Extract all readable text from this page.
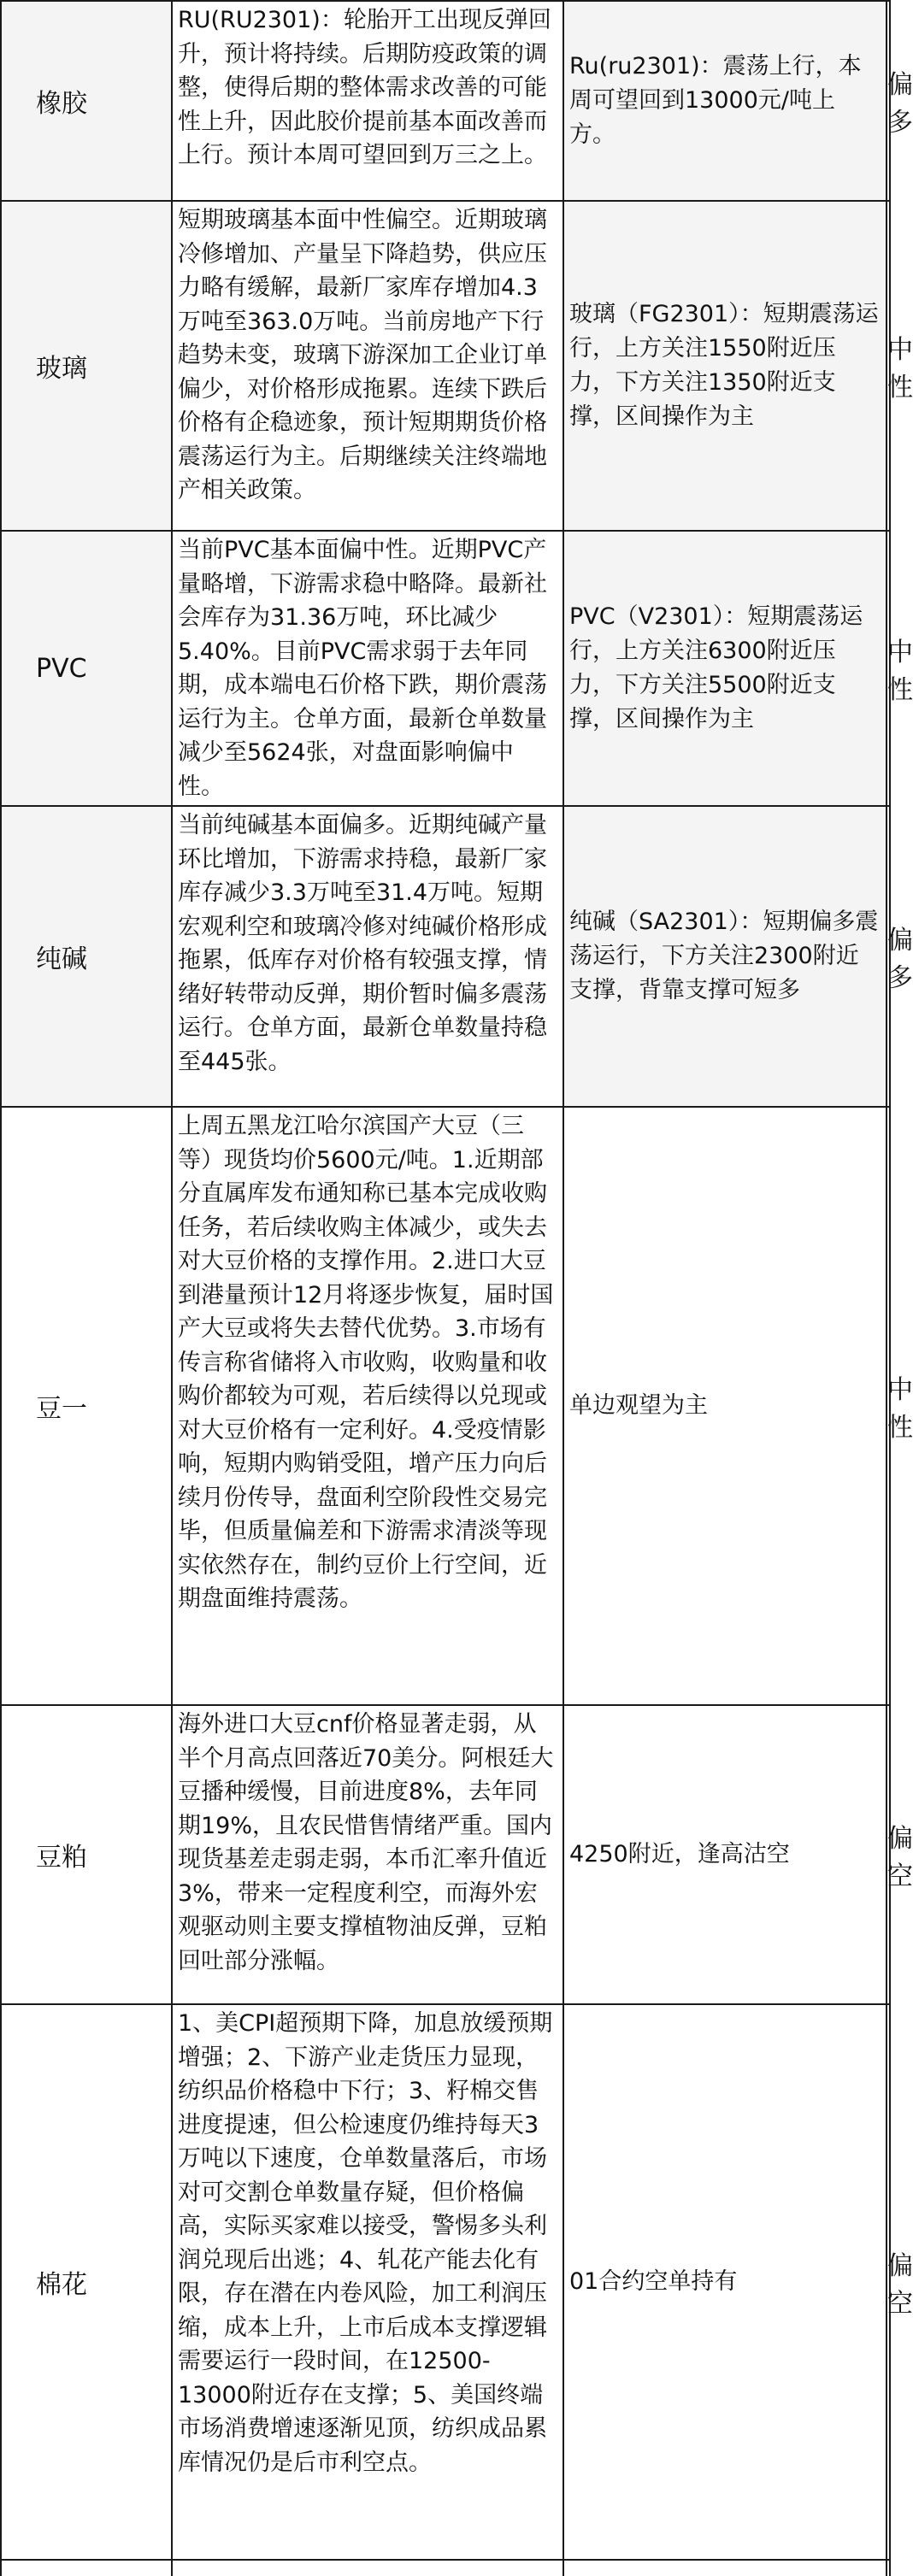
橡胶	RU(RU2301)：轮胎开工出现反弹回升，预计将持续。后期防疫政策的调整，使得后期的整体需求改善的可能性上升，因此胶价提前基本面改善而上行。预计本周可望回到万三之上。	Ru(ru2301)：震荡上行，本周可望回到13000元/吨上方。	偏多
玻璃	短期玻璃基本面中性偏空。近期玻璃冷修增加、产量呈下降趋势，供应压力略有缓解，最新厂家库存增加4.3万吨至363.0万吨。当前房地产下行趋势未变，玻璃下游深加工企业订单偏少，对价格形成拖累。连续下跌后价格有企稳迹象，预计短期期货价格震荡运行为主。后期继续关注终端地产相关政策。	玻璃（FG2301）：短期震荡运行，上方关注1550附近压力，下方关注1350附近支撑，区间操作为主	中性
PVC	当前PVC基本面偏中性。近期PVC产量略增，下游需求稳中略降。最新社会库存为31.36万吨，环比减少5.40%。目前PVC需求弱于去年同期，成本端电石价格下跌，期价震荡运行为主。仓单方面，最新仓单数量减少至5624张，对盘面影响偏中性。	PVC（V2301）：短期震荡运行，上方关注6300附近压力，下方关注5500附近支撑，区间操作为主	中性
纯碱	当前纯碱基本面偏多。近期纯碱产量环比增加，下游需求持稳，最新厂家库存减少3.3万吨至31.4万吨。短期宏观利空和玻璃冷修对纯碱价格形成拖累，低库存对价格有较强支撑，情绪好转带动反弹，期价暂时偏多震荡运行。仓单方面，最新仓单数量持稳至445张。	纯碱（SA2301）：短期偏多震荡运行，下方关注2300附近支撑，背靠支撑可短多	偏多
豆一	上周五黑龙江哈尔滨国产大豆（三等）现货均价5600元/吨。1.近期部分直属库发布通知称已基本完成收购任务，若后续收购主体减少，或失去对大豆价格的支撑作用。2.进口大豆到港量预计12月将逐步恢复，届时国产大豆或将失去替代优势。3.市场有传言称省储将入市收购，收购量和收购价都较为可观，若后续得以兑现或对大豆价格有一定利好。4.受疫情影响，短期内购销受阻，增产压力向后续月份传导，盘面利空阶段性交易完毕，但质量偏差和下游需求清淡等现实依然存在，制约豆价上行空间，近期盘面维持震荡。	单边观望为主	中性
豆粕	海外进口大豆cnf价格显著走弱，从半个月高点回落近70美分。阿根廷大豆播种缓慢，目前进度8%，去年同期19%，且农民惜售情绪严重。国内现货基差走弱走弱，本币汇率升值近3%，带来一定程度利空，而海外宏观驱动则主要支撑植物油反弹，豆粕回吐部分涨幅。	4250附近，逢高沽空	偏空
棉花	1、美CPI超预期下降，加息放缓预期增强；2、下游产业走货压力显现，纺织品价格稳中下行；3、籽棉交售进度提速，但公检速度仍维持每天3万吨以下速度，仓单数量落后，市场对可交割仓单数量存疑，但价格偏高，实际买家难以接受，警惕多头利润兑现后出逃；4、轧花产能去化有限，存在潜在内卷风险，加工利润压缩，成本上升，上市后成本支撑逻辑需要运行一段时间，在12500-13000附近存在支撑；5、美国终端市场消费增速逐渐见顶，纺织成品累库情况仍是后市利空点。	01合约空单持有	偏空
